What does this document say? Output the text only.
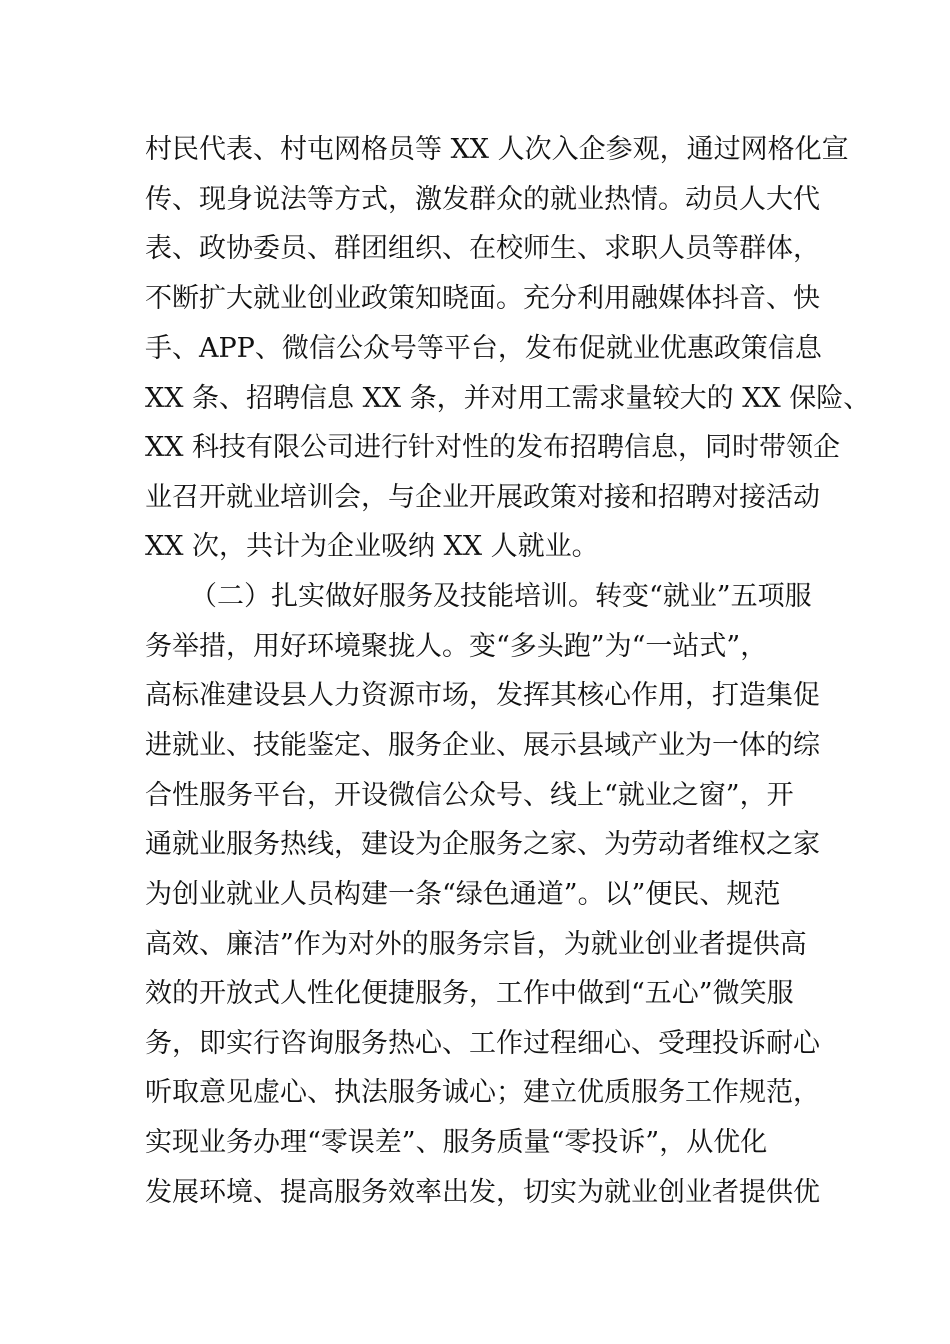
村民代表、村屯网格员等 XX 人次入企参观，通过网格化宣
传、现身说法等方式，激发群众的就业热情。动员人大代
表、政协委员、群团组织、在校师生、求职人员等群体，
不断扩大就业创业政策知晓面。充分利用融媒体抖音、快
手、APP、微信公众号等平台，发布促就业优惠政策信息
XX 条、招聘信息 XX 条，并对用工需求量较大的 XX 保险、
XX 科技有限公司进行针对性的发布招聘信息，同时带领企
业召开就业培训会，与企业开展政策对接和招聘对接活动
XX 次，共计为企业吸纳 XX 人就业。
（二）扎实做好服务及技能培训。转变“就业”五项服
务举措，用好环境聚拢人。变“多头跑”为“一站式”，
高标准建设县人力资源市场，发挥其核心作用，打造集促
进就业、技能鉴定、服务企业、展示县域产业为一体的综
合性服务平台，开设微信公众号、线上“就业之窗”，开
通就业服务热线，建设为企服务之家、为劳动者维权之家
为创业就业人员构建一条“绿色通道”。以”便民、规范
高效、廉洁”作为对外的服务宗旨，为就业创业者提供高
效的开放式人性化便捷服务，工作中做到“五心”微笑服
务，即实行咨询服务热心、工作过程细心、受理投诉耐心
听取意见虚心、执法服务诚心；建立优质服务工作规范，
实现业务办理“零误差”、服务质量“零投诉”，从优化
发展环境、提高服务效率出发，切实为就业创业者提供优
